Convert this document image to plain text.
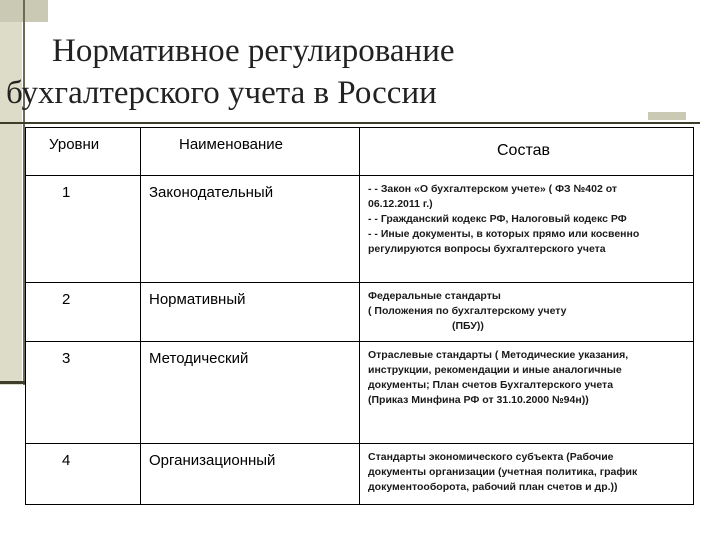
Нормативное регулирование
бухгалтерского учета в России
Уровни	Наименование	Состав
1	Законодательный	- - Закон «О бухгалтерском учете» ( ФЗ №402 от
06.12.2011 г.)
- - Гражданский кодекс РФ, Налоговый кодекс РФ
- - Иные документы, в которых прямо или косвенно
регулируются вопросы бухгалтерского учета

2	Нормативный	Федеральные стандарты
( Положения по бухгалтерскому учету
(ПБУ))

3	Методический	Отраслевые стандарты ( Методические указания,
инструкции, рекомендации и иные аналогичные
документы; План счетов Бухгалтерского учета
(Приказ Минфина РФ от 31.10.2000 №94н))

4	Организационный	Стандарты экономического субъекта (Рабочие
документы организации (учетная политика, график
документооборота, рабочий план счетов и др.))
